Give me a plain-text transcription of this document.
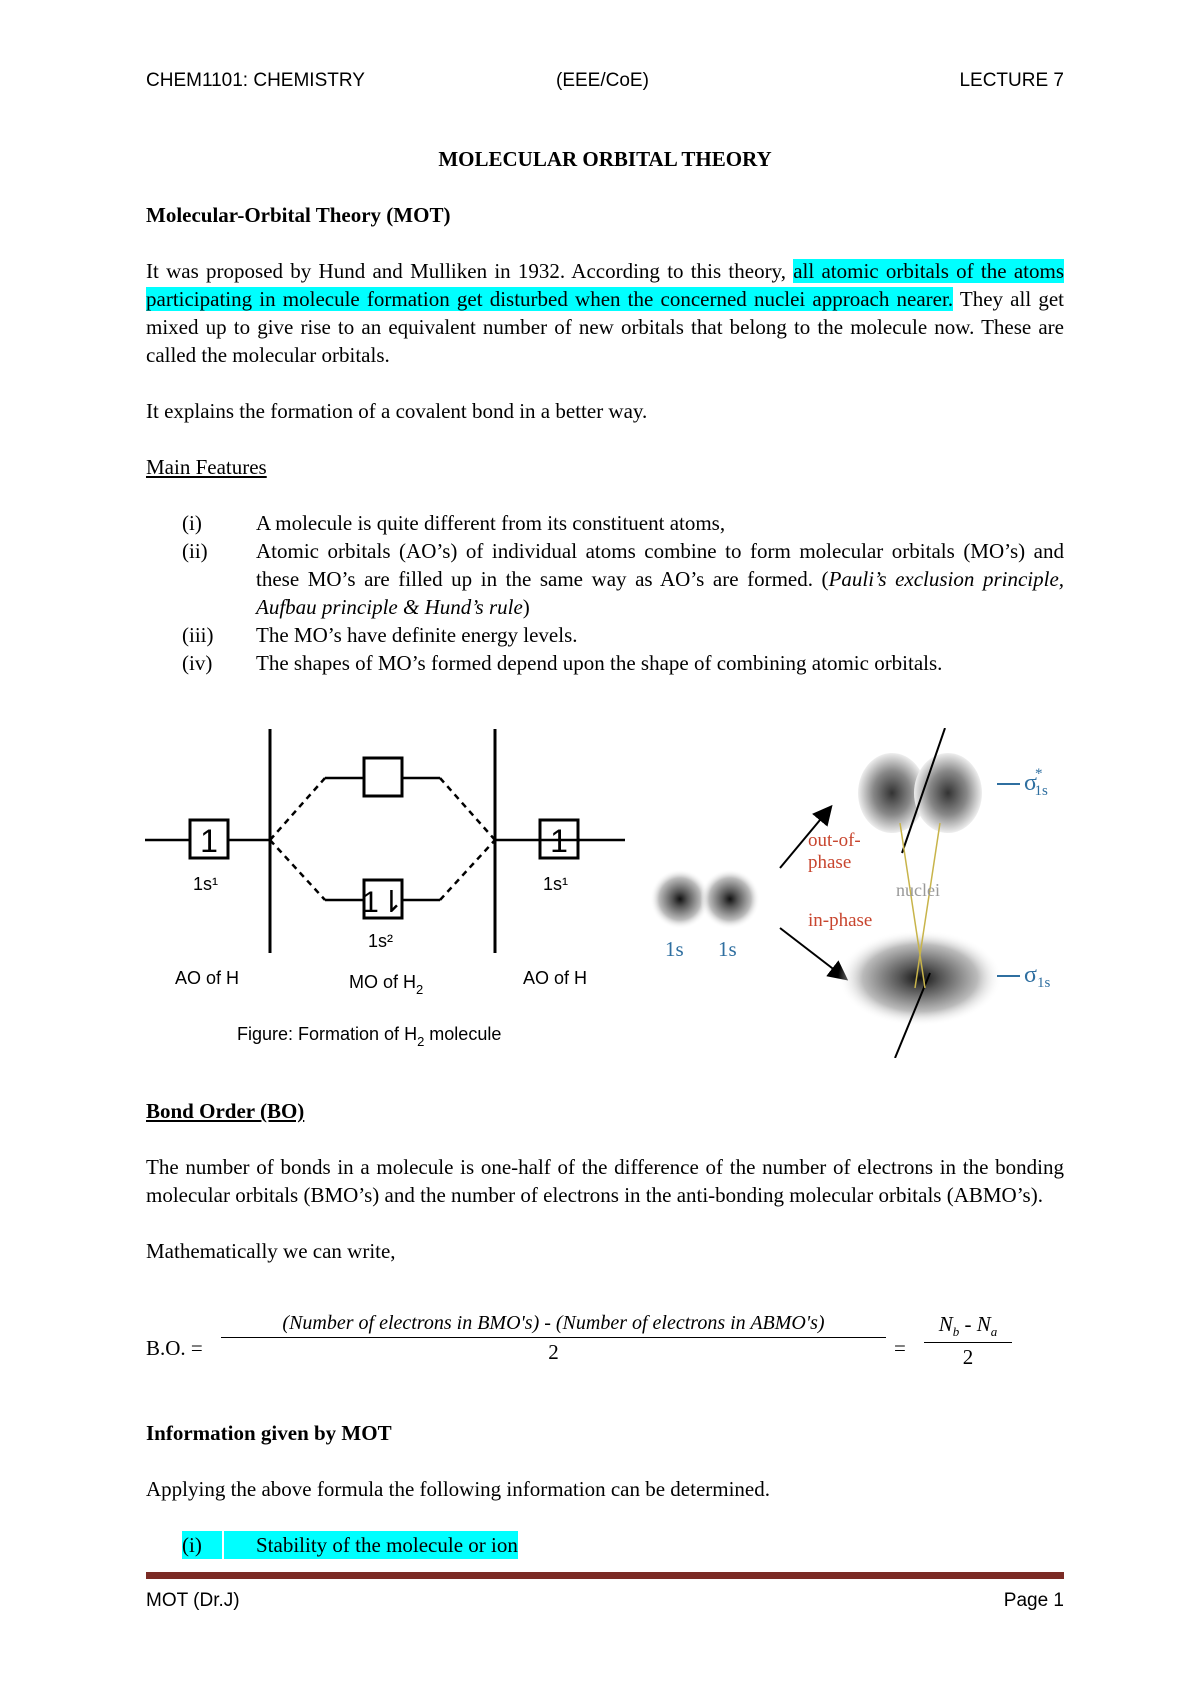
CHEM1101: CHEMISTRY	(EEE/CoE)	LECTURE 7

MOLECULAR ORBITAL THEORY

Molecular-Orbital Theory (MOT)

It was proposed by Hund and Mulliken in 1932. According to this theory, all atomic orbitals of the atoms participating in molecule formation get disturbed when the concerned nuclei approach nearer. They all get mixed up to give rise to an equivalent number of new orbitals that belong to the molecule now. These are called the molecular orbitals.

It explains the formation of a covalent bond in a better way.

Main Features

(i)	A molecule is quite different from its constituent atoms,
(ii) Atomic orbitals (AO’s) of individual atoms combine to form molecular orbitals (MO’s) and these MO’s are filled up in the same way as AO’s are formed. (Pauli’s exclusion principle, Aufbau principle & Hund’s rule)
(iii) The MO’s have definite energy levels.
(iv) The shapes of MO’s formed depend upon the shape of combining atomic orbitals.
1	1
1⇂
1s¹	1s¹
1s²
AO of H	MO of $H_2$
AO of H
Figure: Formation of $H_2$ molecule
1s 1s
out-of-
phase
in-phase
nuclei
σ* 1s
$\sigma_{1s}$

Bond Order (BO)

The number of bonds in a molecule is one-half of the difference of the number of electrons in the bonding molecular orbitals (BMO’s) and the number of electrons in the anti-bonding molecular orbitals (ABMO’s).

Mathematically we can write,

B.O. =
(Number of electrons in BMO's) - (Number of electrons in ABMO's)
2	= $\frac{N_b - N_a}{2}$

Information given by MOT

Applying the above formula the following information can be determined.

(i)	Stability of the molecule or ion
MOT (Dr.J)	Page 1
